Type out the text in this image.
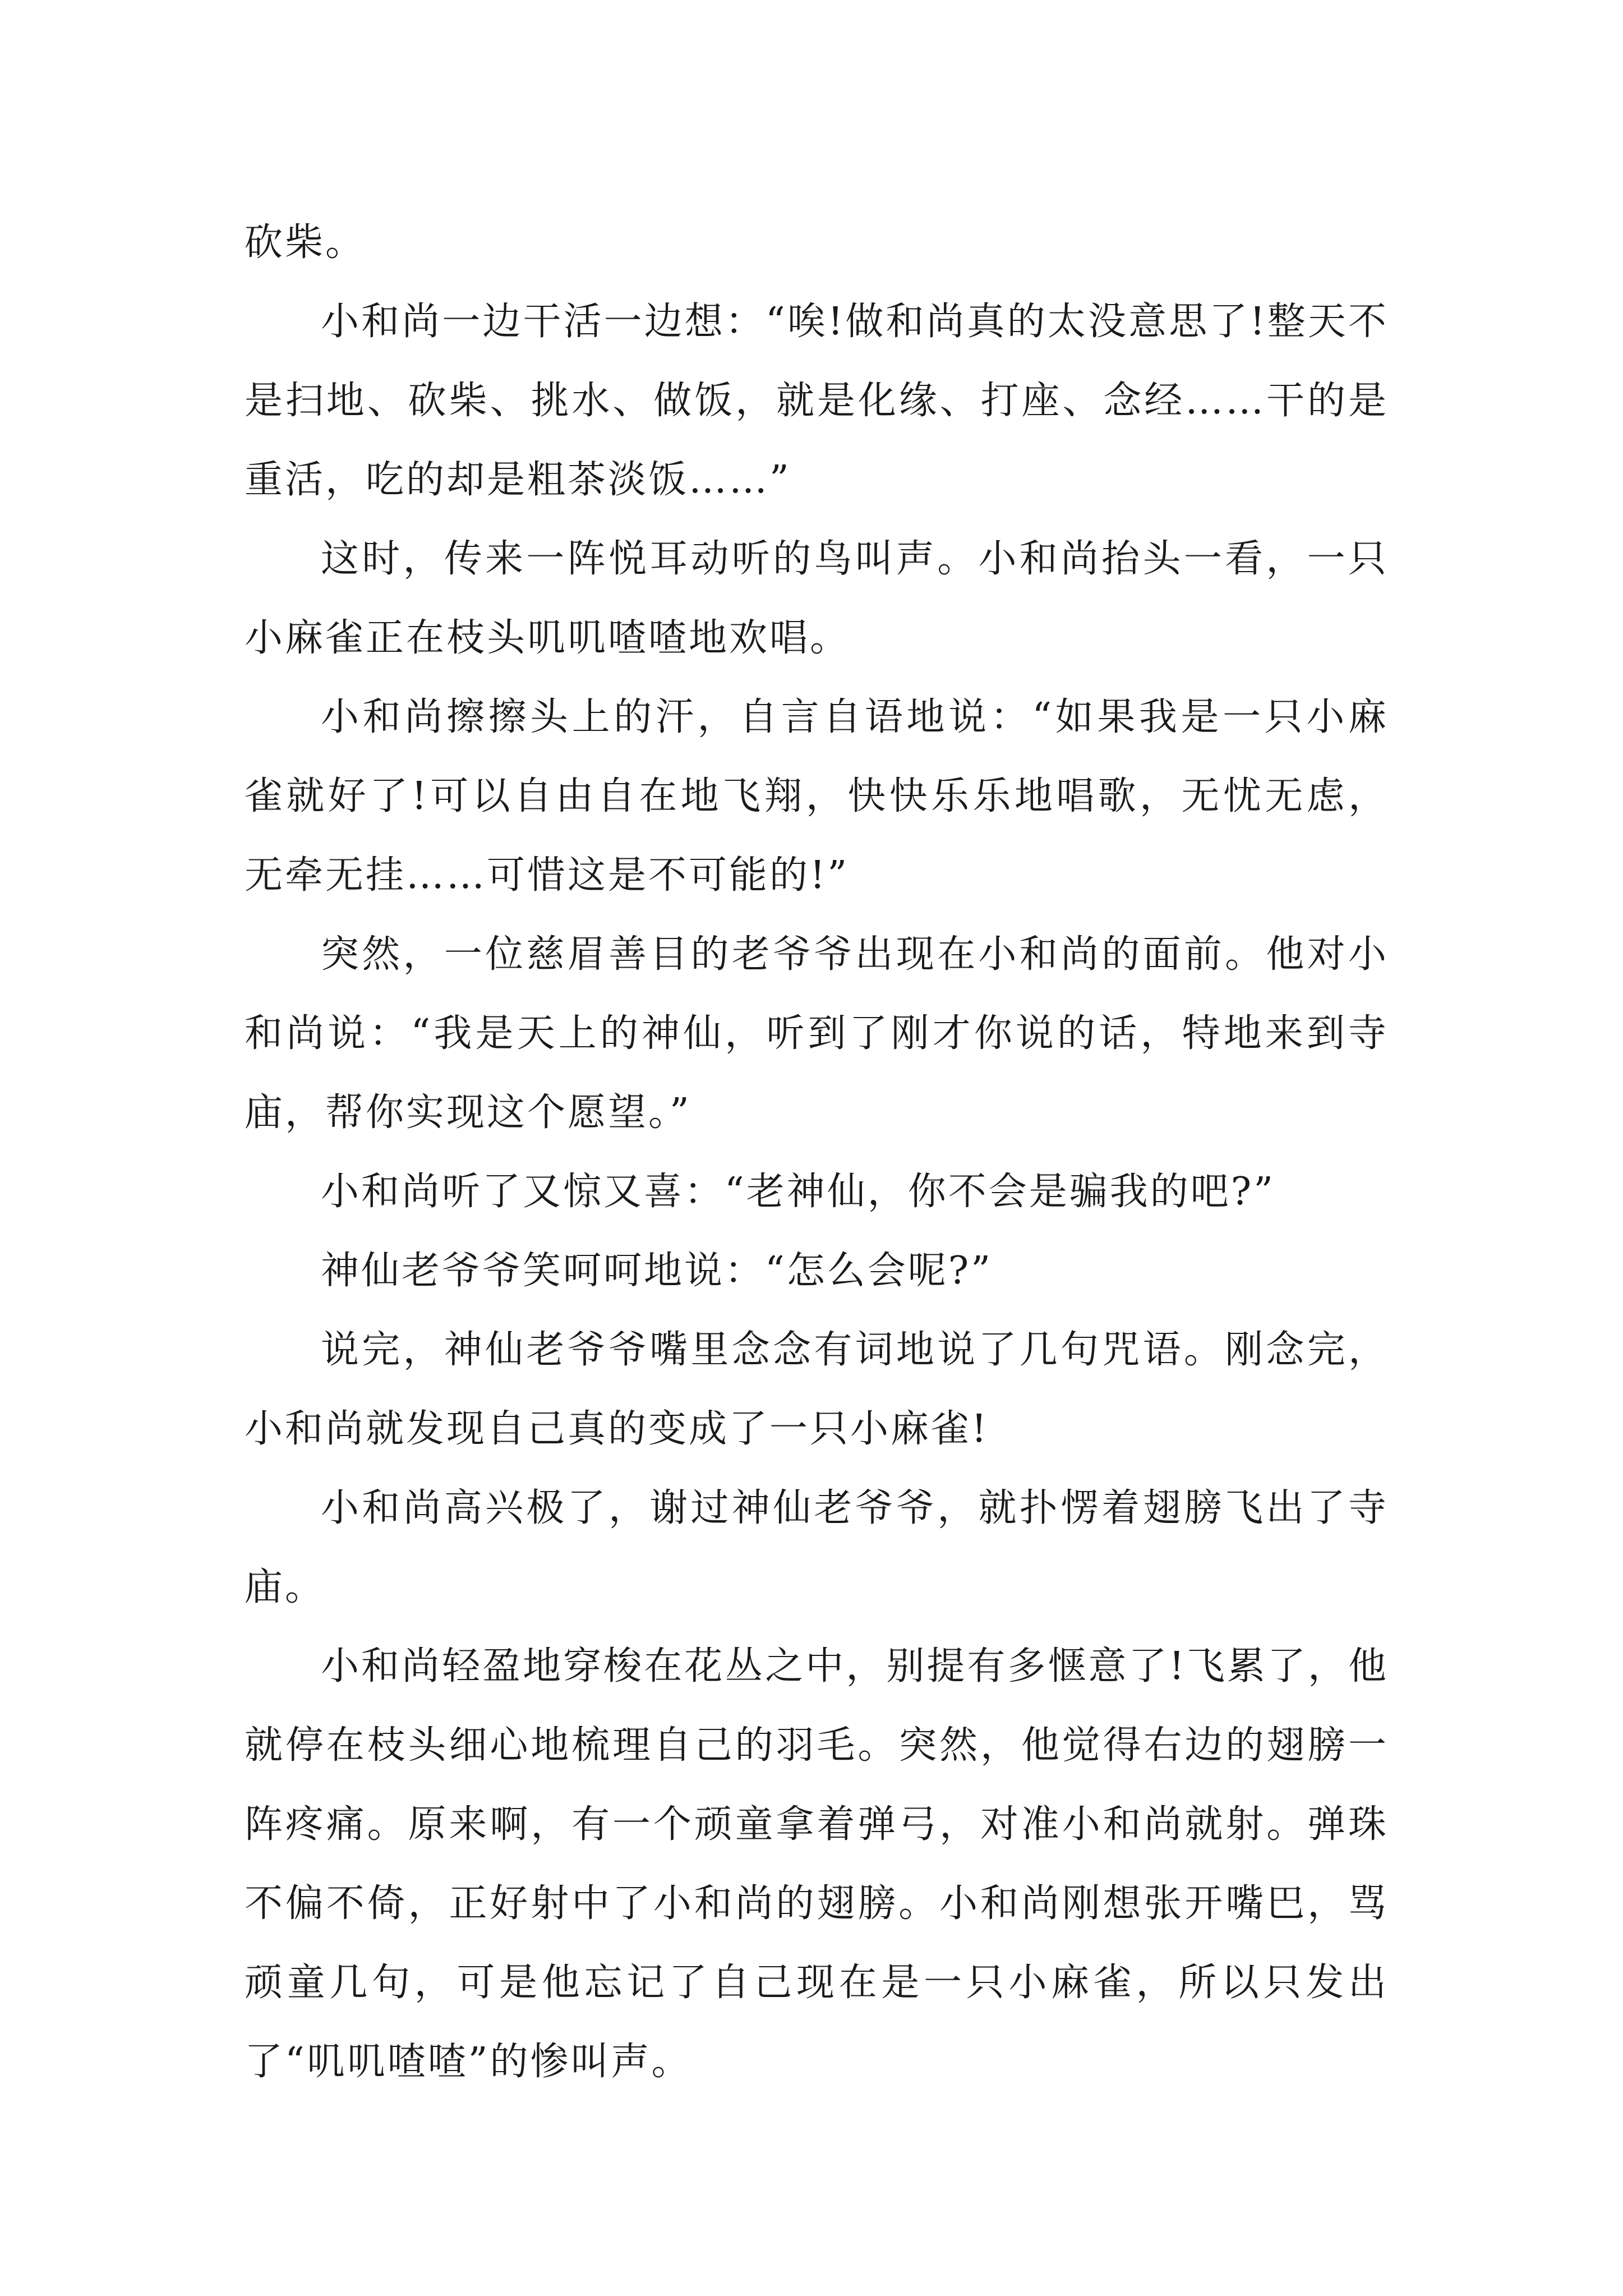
砍柴。

小和尚一边干活一边想：“唉!做和尚真的太没意思了!整天不是扫地、砍柴、挑水、做饭，就是化缘、打座、念经……干的是重活，吃的却是粗茶淡饭……”

这时，传来一阵悦耳动听的鸟叫声。小和尚抬头一看，一只小麻雀正在枝头叽叽喳喳地欢唱。

小和尚擦擦头上的汗，自言自语地说：“如果我是一只小麻雀就好了!可以自由自在地飞翔，快快乐乐地唱歌，无忧无虑，无牵无挂……可惜这是不可能的!”

突然，一位慈眉善目的老爷爷出现在小和尚的面前。他对小和尚说：“我是天上的神仙，听到了刚才你说的话，特地来到寺庙，帮你实现这个愿望。”

小和尚听了又惊又喜：“老神仙，你不会是骗我的吧?”

神仙老爷爷笑呵呵地说：“怎么会呢?”

说完，神仙老爷爷嘴里念念有词地说了几句咒语。刚念完，小和尚就发现自己真的变成了一只小麻雀!

小和尚高兴极了，谢过神仙老爷爷，就扑愣着翅膀飞出了寺庙。

小和尚轻盈地穿梭在花丛之中，别提有多惬意了!飞累了，他就停在枝头细心地梳理自己的羽毛。突然，他觉得右边的翅膀一阵疼痛。原来啊，有一个顽童拿着弹弓，对准小和尚就射。弹珠不偏不倚，正好射中了小和尚的翅膀。小和尚刚想张开嘴巴，骂顽童几句，可是他忘记了自己现在是一只小麻雀，所以只发出了“叽叽喳喳”的惨叫声。
